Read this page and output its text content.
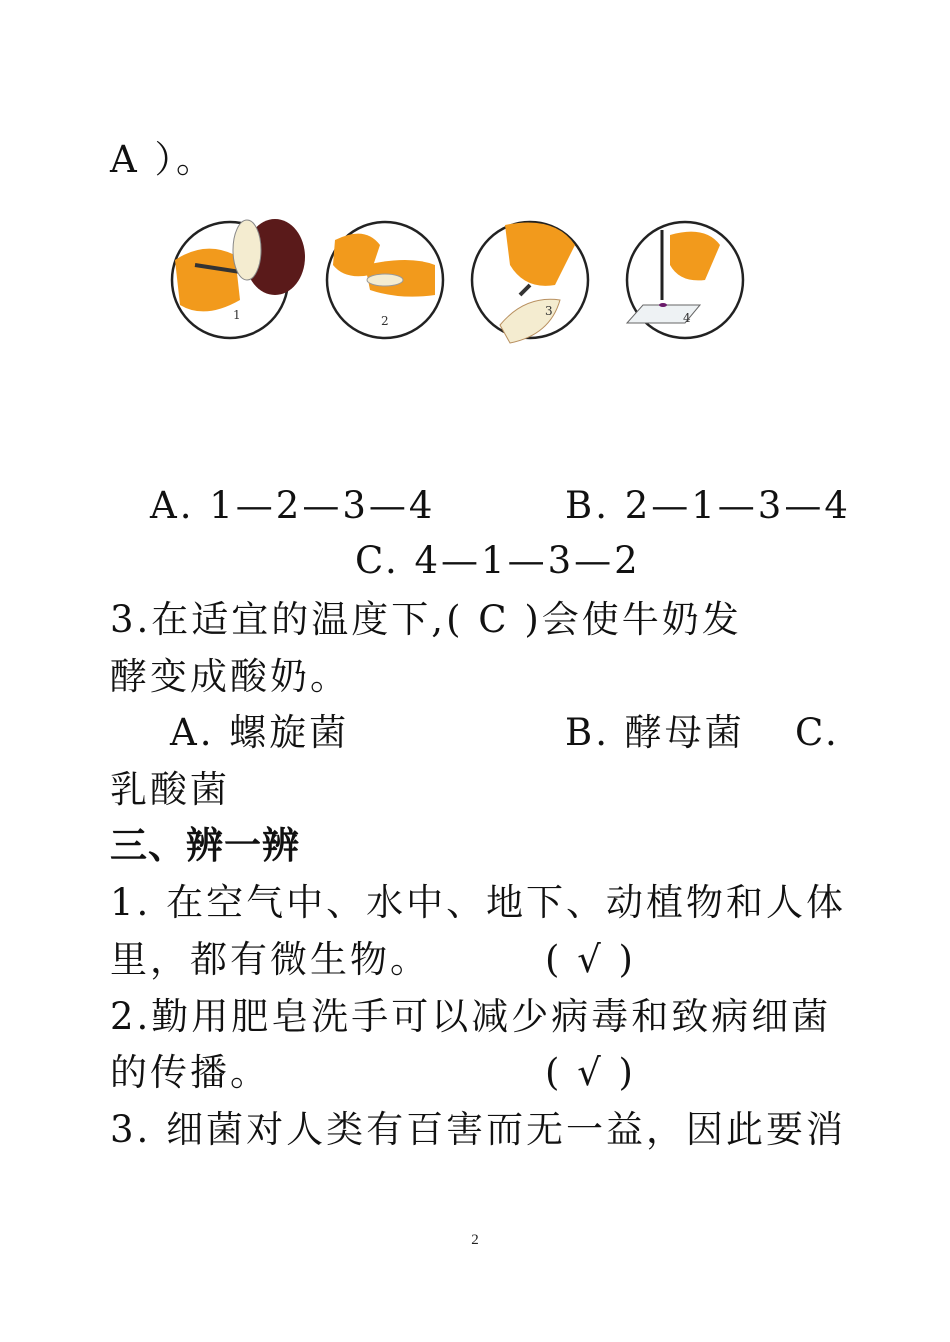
A ）。
1	2
3	4
A. 1—2—3—4	B. 2—1—3—4
C. 4—1—3—2
3.在适宜的温度下,( C )会使牛奶发
酵变成酸奶。
A. 螺旋菌	B. 酵母菌 C.
乳酸菌
三、辨一辨
1. 在空气中、水中、地下、动植物和人体
里，都有微生物。	( √ )
2.勤用肥皂洗手可以减少病毒和致病细菌
的传播。	( √ )
3. 细菌对人类有百害而无一益，因此要消
2
